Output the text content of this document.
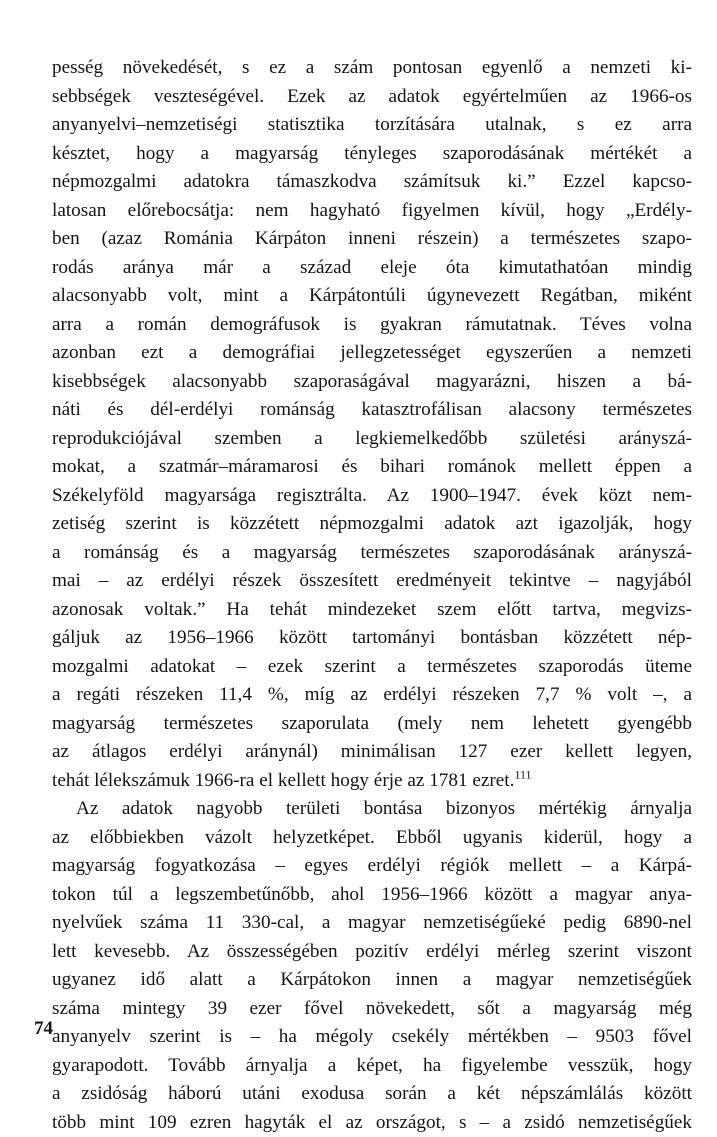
pesség növekedését, s ez a szám pontosan egyenlő a nemzeti ki-
sebbségek veszteségével. Ezek az adatok egyértelműen az 1966-os
anyanyelvi–nemzetiségi statisztika torzítására utalnak, s ez arra
késztet, hogy a magyarság tényleges szaporodásának mértékét a
népmozgalmi adatokra támaszkodva számítsuk ki.” Ezzel kapcso-
latosan előrebocsátja: nem hagyható figyelmen kívül, hogy „Erdély-
ben (azaz Románia Kárpáton inneni részein) a természetes szapo-
rodás aránya már a század eleje óta kimutathatóan mindig
alacsonyabb volt, mint a Kárpátontúli úgynevezett Regátban, miként
arra a román demográfusok is gyakran rámutatnak. Téves volna
azonban ezt a demográfiai jellegzetességet egyszerűen a nemzeti
kisebbségek alacsonyabb szaporaságával magyarázni, hiszen a bá-
náti és dél-erdélyi románság katasztrofálisan alacsony természetes
reprodukciójával szemben a legkiemelkedőbb születési arányszá-
mokat, a szatmár–máramarosi és bihari románok mellett éppen a
Székelyföld magyarsága regisztrálta. Az 1900–1947. évek közt nem-
zetiség szerint is közzétett népmozgalmi adatok azt igazolják, hogy
a románság és a magyarság természetes szaporodásának arányszá-
mai – az erdélyi részek összesített eredményeit tekintve – nagyjából
azonosak voltak.” Ha tehát mindezeket szem előtt tartva, megvizs-
gáljuk az 1956–1966 között tartományi bontásban közzétett nép-
mozgalmi adatokat – ezek szerint a természetes szaporodás üteme
a regáti részeken 11,4 %, míg az erdélyi részeken 7,7 % volt –, a
magyarság természetes szaporulata (mely nem lehetett gyengébb
az átlagos erdélyi aránynál) minimálisan 127 ezer kellett legyen,
tehát lélekszámuk 1966-ra el kellett hogy érje az 1781 ezret.$^{111}$
Az adatok nagyobb területi bontása bizonyos mértékig árnyalja
az előbbiekben vázolt helyzetképet. Ebből ugyanis kiderül, hogy a
magyarság fogyatkozása – egyes erdélyi régiók mellett – a Kárpá-
tokon túl a legszembetűnőbb, ahol 1956–1966 között a magyar anya-
nyelvűek száma 11 330-cal, a magyar nemzetiségűeké pedig 6890-nel
lett kevesebb. Az összességében pozitív erdélyi mérleg szerint viszont
ugyanez idő alatt a Kárpátokon innen a magyar nemzetiségűek
száma mintegy 39 ezer fővel növekedett, sőt a magyarság még
anyanyelv szerint is – ha mégoly csekély mértékben – 9503 fővel
gyarapodott. Tovább árnyalja a képet, ha figyelembe vesszük, hogy
a zsidóság háború utáni exodusa során a két népszámlálás között
több mint 109 ezren hagyták el az országot, s – a zsidó nemzetiségűek
74
